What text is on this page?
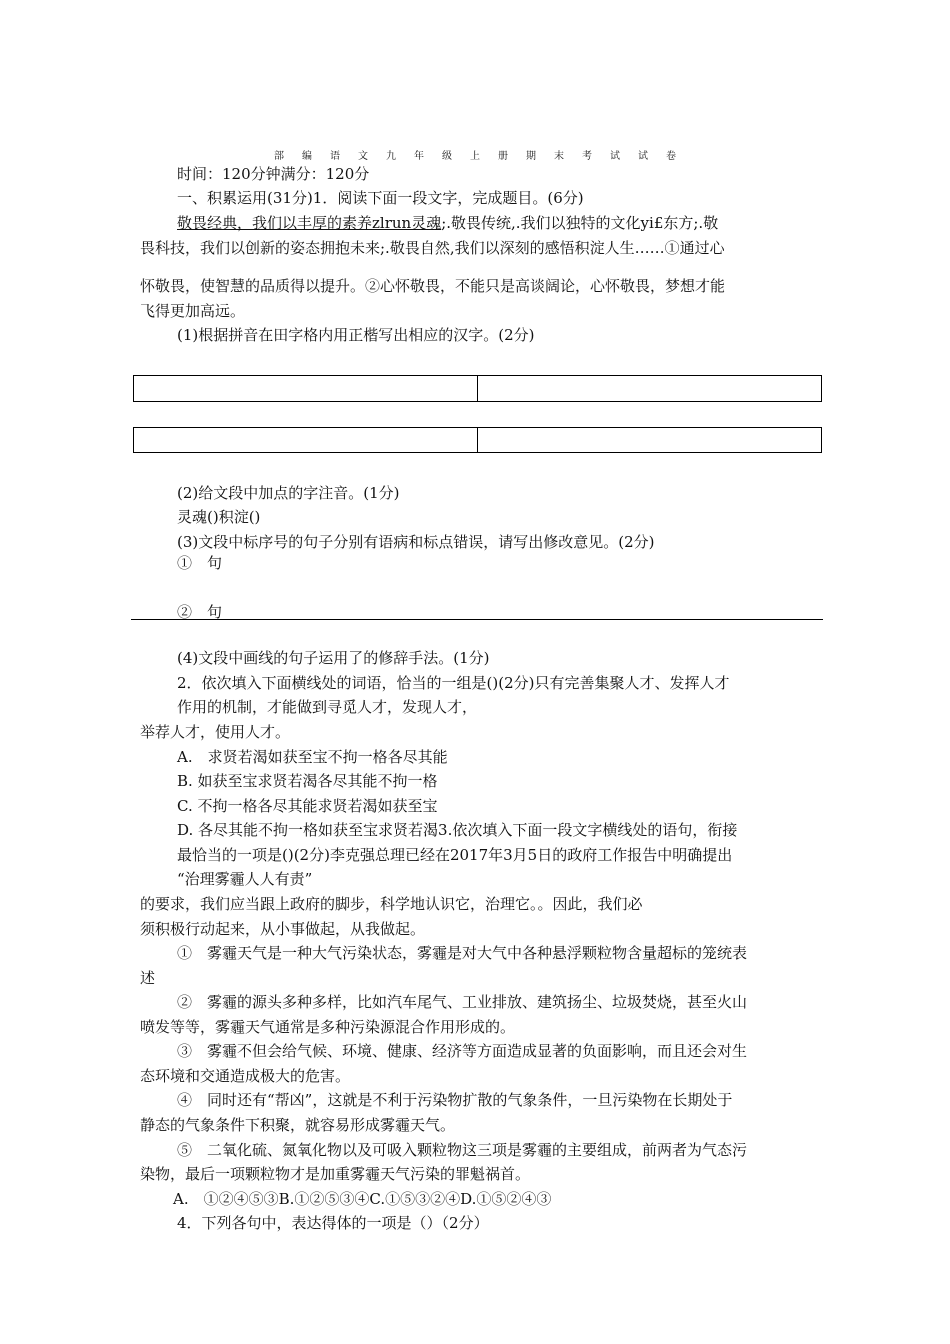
部 编 语 文 九 年 级 上 册 期 末 考 试 试 卷
时间：120分钟满分：120分
一、积累运用(31分)1．阅读下面一段文字，完成题目。(6分)
敬畏经典，我们以丰厚的素养zlrun灵魂;.敬畏传统,.我们以独特的文化yi£东方;.敬
畏科技，我们以创新的姿态拥抱未来;.敬畏自然,我们以深刻的感悟积淀人生……①通过心
怀敬畏，使智慧的品质得以提升。②心怀敬畏，不能只是高谈阔论，心怀敬畏，梦想才能
飞得更加高远。
(1)根据拼音在田字格内用正楷写出相应的汉字。(2分)
(2)给文段中加点的字注音。(1分)
灵魂()积淀()
(3)文段中标序号的句子分别有语病和标点错误，请写出修改意见。(2分)
①　句
②　句
(4)文段中画线的句子运用了的修辞手法。(1分)
2．依次填入下面横线处的词语，恰当的一组是()(2分)只有完善集聚人才、发挥人才
作用的机制，才能做到寻觅人才，发现人才，
举荐人才，使用人才。
A.　求贤若渴如获至宝不拘一格各尽其能
B. 如获至宝求贤若渴各尽其能不拘一格
C. 不拘一格各尽其能求贤若渴如获至宝
D. 各尽其能不拘一格如获至宝求贤若渴3.依次填入下面一段文字横线处的语句，衔接
最恰当的一项是()(2分)李克强总理已经在2017年3月5日的政府工作报告中明确提出
“治理雾霾人人有责”
的要求，我们应当跟上政府的脚步，科学地认识它，治理它。。因此，我们必
须积极行动起来，从小事做起，从我做起。
①　雾霾天气是一种大气污染状态，雾霾是对大气中各种悬浮颗粒物含量超标的笼统表
述
②　雾霾的源头多种多样，比如汽车尾气、工业排放、建筑扬尘、垃圾焚烧，甚至火山
喷发等等，雾霾天气通常是多种污染源混合作用形成的。
③　雾霾不但会给气候、环境、健康、经济等方面造成显著的负面影响，而且还会对生
态环境和交通造成极大的危害。
④　同时还有“帮凶”，这就是不利于污染物扩散的气象条件，一旦污染物在长期处于
静态的气象条件下积聚，就容易形成雾霾天气。
⑤　二氧化硫、氮氧化物以及可吸入颗粒物这三项是雾霾的主要组成，前两者为气态污
染物，最后一项颗粒物才是加重雾霾天气污染的罪魁祸首。
A.　①②④⑤③B.①②⑤③④C.①⑤③②④D.①⑤②④③
4．下列各句中，表达得体的一项是（）（2分）
